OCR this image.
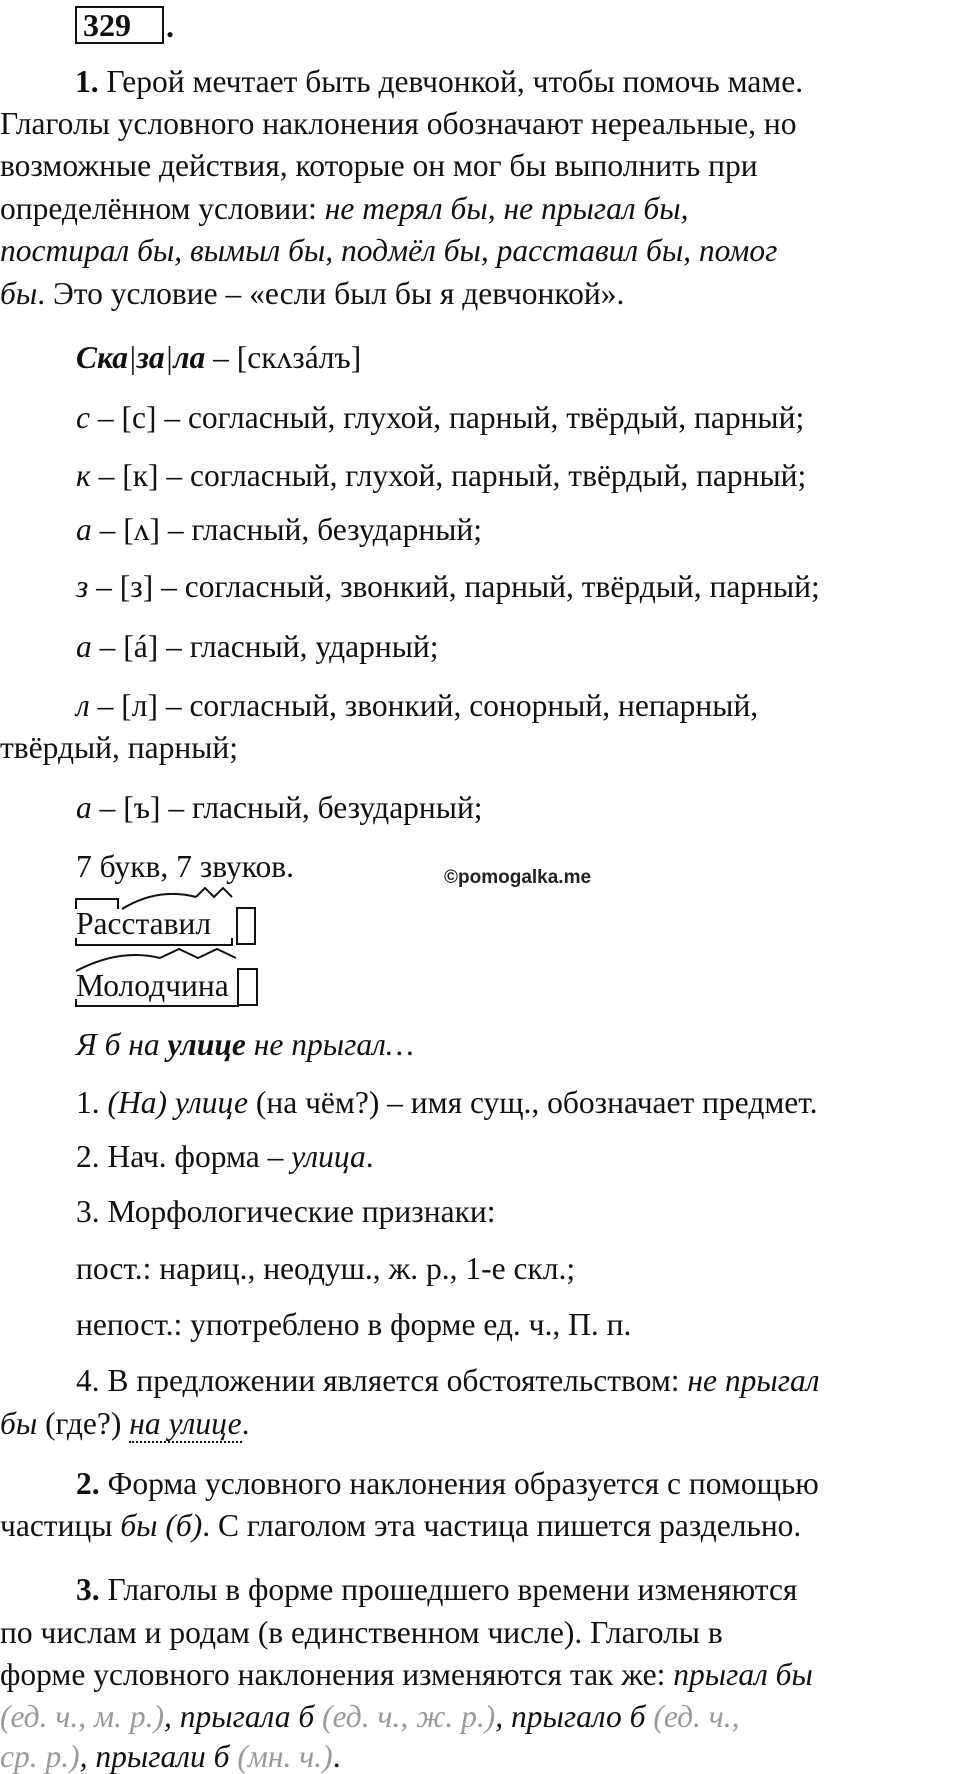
329	.
1. Герой мечтает быть девчонкой, чтобы помочь маме.
Глаголы условного наклонения обозначают нереальные, но
возможные действия, которые он мог бы выполнить при
определённом условии: не терял бы, не прыгал бы,
постирал бы, вымыл бы, подмёл бы, расставил бы, помог
бы. Это условие – «если был бы я девчонкой».
Ска|за|ла – [скʌзáлъ]
с – [с] – согласный, глухой, парный, твёрдый, парный;
к – [к] – согласный, глухой, парный, твёрдый, парный;
а – [ʌ] – гласный, безударный;
з – [з] – согласный, звонкий, парный, твёрдый, парный;
а – [á] – гласный, ударный;
л – [л] – согласный, звонкий, сонорный, непарный,
твёрдый, парный;
а – [ъ] – гласный, безударный;
7 букв, 7 звуков.	©pomogalka.me
Расставил
Молодчина
Я б на улице не прыгал…
1. (На) улице (на чём?) – имя сущ., обозначает предмет.
2. Нач. форма – улица.
3. Морфологические признаки:
пост.: нариц., неодуш., ж. р., 1-е скл.;
непост.: употреблено в форме ед. ч., П. п.
4. В предложении является обстоятельством: не прыгал
бы (где?) на улице.
2. Форма условного наклонения образуется с помощью
частицы бы (б). С глаголом эта частица пишется раздельно.
3. Глаголы в форме прошедшего времени изменяются
по числам и родам (в единственном числе). Глаголы в
форме условного наклонения изменяются так же: прыгал бы
(ед. ч., м. р.), прыгала б (ед. ч., ж. р.), прыгало б (ед. ч.,
ср. р.), прыгали б (мн. ч.).
